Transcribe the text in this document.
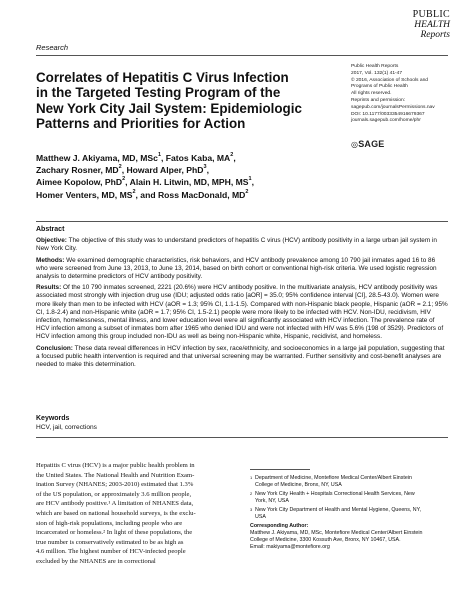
PUBLIC
HEALTH
Reports
Research
Correlates of Hepatitis C Virus Infection
in the Targeted Testing Program of the
New York City Jail System: Epidemiologic
Patterns and Priorities for Action
Public Health Reports
2017, Vol. 132(1) 41-47
© 2016, Association of Schools and
Programs of Public Health
All rights reserved.
Reprints and permission:
sagepub.com/journalsPermissions.nav
DOI: 10.1177/0033354916679367
journals.sagepub.com/home/phr
◎SAGE
Matthew J. Akiyama, MD, MSc$^1$, Fatos Kaba, $MA^2$,
Zachary Rosner, $MD^2$, Howard Alper, PhD$^3$,
Aimee Kopolow, PhD$^2$, Alain H. Litwin, MD, MPH, $MS^1$,
Homer Venters, MD, $MS^2$, and Ross MacDonald, $MD^2$
Abstract

Objective: The objective of this study was to understand predictors of hepatitis C virus (HCV) antibody positivity in a large urban jail system in New York City.

Methods: We examined demographic characteristics, risk behaviors, and HCV antibody prevalence among 10 790 jail inmates aged 16 to 86 who were screened from June 13, 2013, to June 13, 2014, based on birth cohort or conventional high-risk criteria. We used logistic regression analysis to determine predictors of HCV antibody positivity.

Results: Of the 10 790 inmates screened, 2221 (20.6%) were HCV antibody positive. In the multivariate analysis, HCV antibody positivity was associated most strongly with injection drug use (IDU; adjusted odds ratio [aOR] = 35.0; 95% confidence interval [CI], 28.5-43.0). Women were more likely than men to be infected with HCV (aOR = 1.3; 95% CI, 1.1-1.5). Compared with non-Hispanic black people, Hispanic (aOR = 2.1; 95% CI, 1.8-2.4) and non-Hispanic white (aOR = 1.7; 95% CI, 1.5-2.1) people were more likely to be infected with HCV. Non-IDU, recidivism, HIV infection, homelessness, mental illness, and lower education level were all significantly associated with HCV infection. The prevalence rate of HCV infection among a subset of inmates born after 1965 who denied IDU and were not infected with HIV was 5.6% (198 of 3529). Predictors of HCV infection among this group included non-IDU as well as being non-Hispanic white, Hispanic, recidivist, and homeless.

Conclusion: These data reveal differences in HCV infection by sex, race/ethnicity, and socioeconomics in a large jail population, suggesting that a focused public health intervention is required and that universal screening may be warranted. Further sensitivity and cost-benefit analyses are needed to make this determination.

Keywords
HCV, jail, corrections
Hepatitis C virus (HCV) is a major public health problem in
the United States. The National Health and Nutrition Exam-
ination Survey (NHANES; 2003-2010) estimated that 1.3%
of the US population, or approximately 3.6 million people,
are HCV antibody positive.¹ A limitation of NHANES data,
which are based on national household surveys, is the exclu-
sion of high-risk populations, including people who are
incarcerated or homeless.² In light of these populations, the
true number is conservatively estimated to be as high as
4.6 million. The highest number of HCV-infected people
excluded by the NHANES are in correctional
1 Department of Medicine, Montefiore Medical Center/Albert Einstein
College of Medicine, Bronx, NY, USA
2 New York City Health + Hospitals Correctional Health Services, New
York, NY, USA
3 New York City Department of Health and Mental Hygiene, Queens, NY,
USA
Corresponding Author:
Matthew J. Akiyama, MD, MSc, Montefiore Medical Center/Albert Einstein
College of Medicine, 3300 Kossuth Ave, Bronx, NY 10467, USA.
Email: makiyama@montefiore.org
